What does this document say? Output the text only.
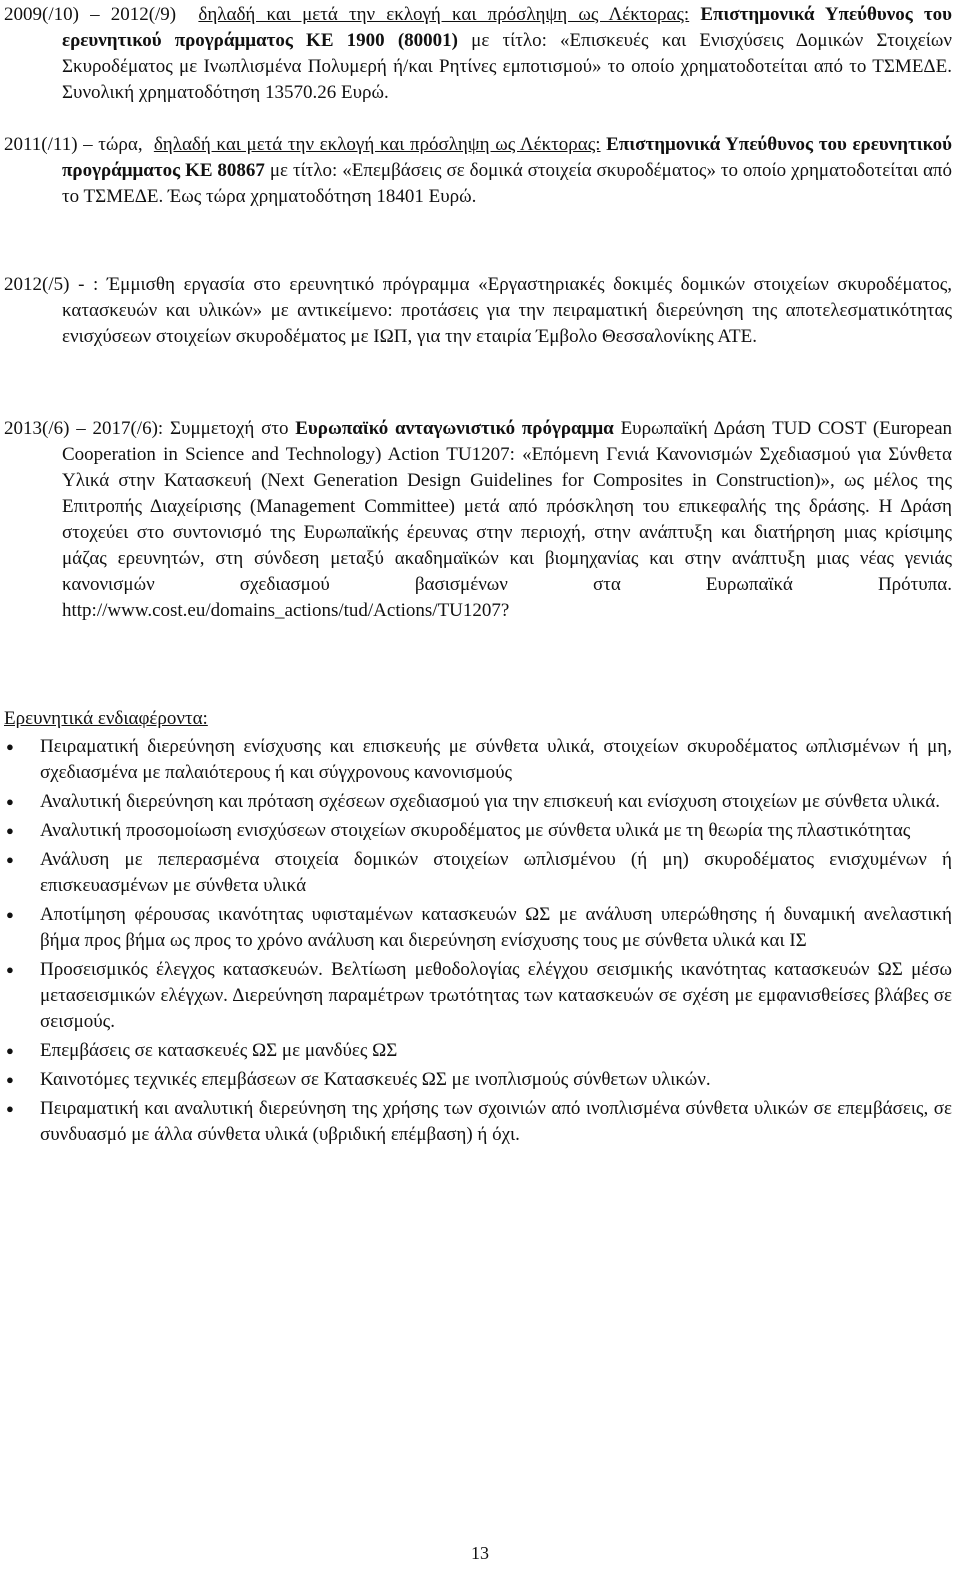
2009(/10) – 2012(/9) δηλαδή και μετά την εκλογή και πρόσληψη ως Λέκτορας: Επιστημονικά Υπεύθυνος του ερευνητικού προγράμματος ΚΕ 1900 (80001) με τίτλο: «Επισκευές και Ενισχύσεις Δομικών Στοιχείων Σκυροδέματος με Ινωπλισμένα Πολυμερή ή/και Ρητίνες εμποτισμού» το οποίο χρηματοδοτείται από το ΤΣΜΕΔΕ. Συνολική χρηματοδότηση 13570.26 Ευρώ.
2011(/11) – τώρα, δηλαδή και μετά την εκλογή και πρόσληψη ως Λέκτορας: Επιστημονικά Υπεύθυνος του ερευνητικού προγράμματος ΚΕ 80867 με τίτλο: «Επεμβάσεις σε δομικά στοιχεία σκυροδέματος» το οποίο χρηματοδοτείται από το ΤΣΜΕΔΕ. Έως τώρα χρηματοδότηση 18401 Ευρώ.
2012(/5) - : Έμμισθη εργασία στο ερευνητικό πρόγραμμα «Εργαστηριακές δοκιμές δομικών στοιχείων σκυροδέματος, κατασκευών και υλικών» με αντικείμενο: προτάσεις για την πειραματική διερεύνηση της αποτελεσματικότητας ενισχύσεων στοιχείων σκυροδέματος με ΙΩΠ, για την εταιρία Έμβολο Θεσσαλονίκης ΑΤΕ.
2013(/6) – 2017(/6): Συμμετοχή στο Ευρωπαϊκό ανταγωνιστικό πρόγραμμα Ευρωπαϊκή Δράση TUD COST (European Cooperation in Science and Technology) Action TU1207: «Επόμενη Γενιά Κανονισμών Σχεδιασμού για Σύνθετα Υλικά στην Κατασκευή (Next Generation Design Guidelines for Composites in Construction)», ως μέλος της Επιτροπής Διαχείρισης (Management Committee) μετά από πρόσκληση του επικεφαλής της δράσης. Η Δράση στοχεύει στο συντονισμό της Ευρωπαϊκής έρευνας στην περιοχή, στην ανάπτυξη και διατήρηση μιας κρίσιμης μάζας ερευνητών, στη σύνδεση μεταξύ ακαδημαϊκών και βιομηχανίας και στην ανάπτυξη μιας νέας γενιάς κανονισμών σχεδιασμού βασισμένων στα Ευρωπαϊκά Πρότυπα. http://www.cost.eu/domains_actions/tud/Actions/TU1207?
Ερευνητικά ενδιαφέροντα:
● Πειραματική διερεύνηση ενίσχυσης και επισκευής με σύνθετα υλικά, στοιχείων σκυροδέματος ωπλισμένων ή μη, σχεδιασμένα με παλαιότερους ή και σύγχρονους κανονισμούς
● Αναλυτική διερεύνηση και πρόταση σχέσεων σχεδιασμού για την επισκευή και ενίσχυση στοιχείων με σύνθετα υλικά.
● Αναλυτική προσομοίωση ενισχύσεων στοιχείων σκυροδέματος με σύνθετα υλικά με τη θεωρία της πλαστικότητας
● Ανάλυση με πεπερασμένα στοιχεία δομικών στοιχείων ωπλισμένου (ή μη) σκυροδέματος ενισχυμένων ή επισκευασμένων με σύνθετα υλικά
● Αποτίμηση φέρουσας ικανότητας υφισταμένων κατασκευών ΩΣ με ανάλυση υπερώθησης ή δυναμική ανελαστική βήμα προς βήμα ως προς το χρόνο ανάλυση και διερεύνηση ενίσχυσης τους με σύνθετα υλικά και ΙΣ
● Προσεισμικός έλεγχος κατασκευών. Βελτίωση μεθοδολογίας ελέγχου σεισμικής ικανότητας κατασκευών ΩΣ μέσω μετασεισμικών ελέγχων. Διερεύνηση παραμέτρων τρωτότητας των κατασκευών σε σχέση με εμφανισθείσες βλάβες σε σεισμούς.
● Επεμβάσεις σε κατασκευές ΩΣ με μανδύες ΩΣ
● Καινοτόμες τεχνικές επεμβάσεων σε Κατασκευές ΩΣ με ινοπλισμούς σύνθετων υλικών.
● Πειραματική και αναλυτική διερεύνηση της χρήσης των σχοινιών από ινοπλισμένα σύνθετα υλικών σε επεμβάσεις, σε συνδυασμό με άλλα σύνθετα υλικά (υβριδική επέμβαση) ή όχι.
13
